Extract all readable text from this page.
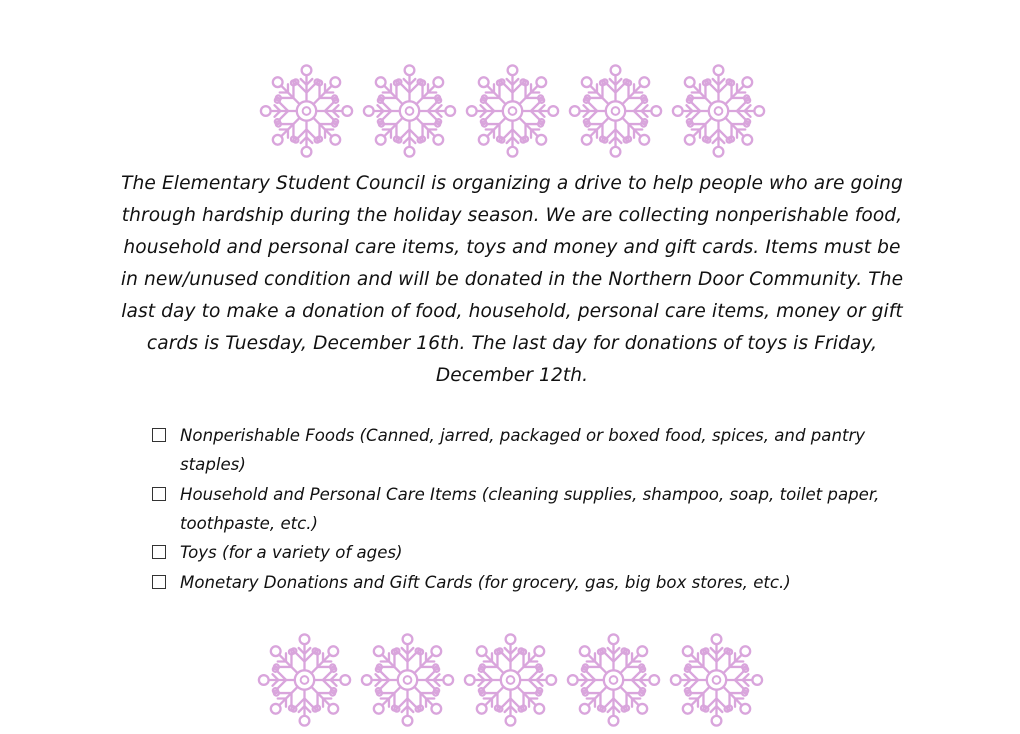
The Elementary Student Council is organizing a drive to help people who are going through hardship during the holiday season. We are collecting nonperishable food, household and personal care items, toys and money and gift cards. Items must be in new/unused condition and will be donated in the Northern Door Community. The last day to make a donation of food, household, personal care items, money or gift cards is Tuesday, December 16th. The last day for donations of toys is Friday, December 12th.

Nonperishable Foods (Canned, jarred, packaged or boxed food, spices, and pantry staples)
Household and Personal Care Items (cleaning supplies, shampoo, soap, toilet paper, toothpaste, etc.)
Toys (for a variety of ages)
Monetary Donations and Gift Cards (for grocery, gas, big box stores, etc.)
